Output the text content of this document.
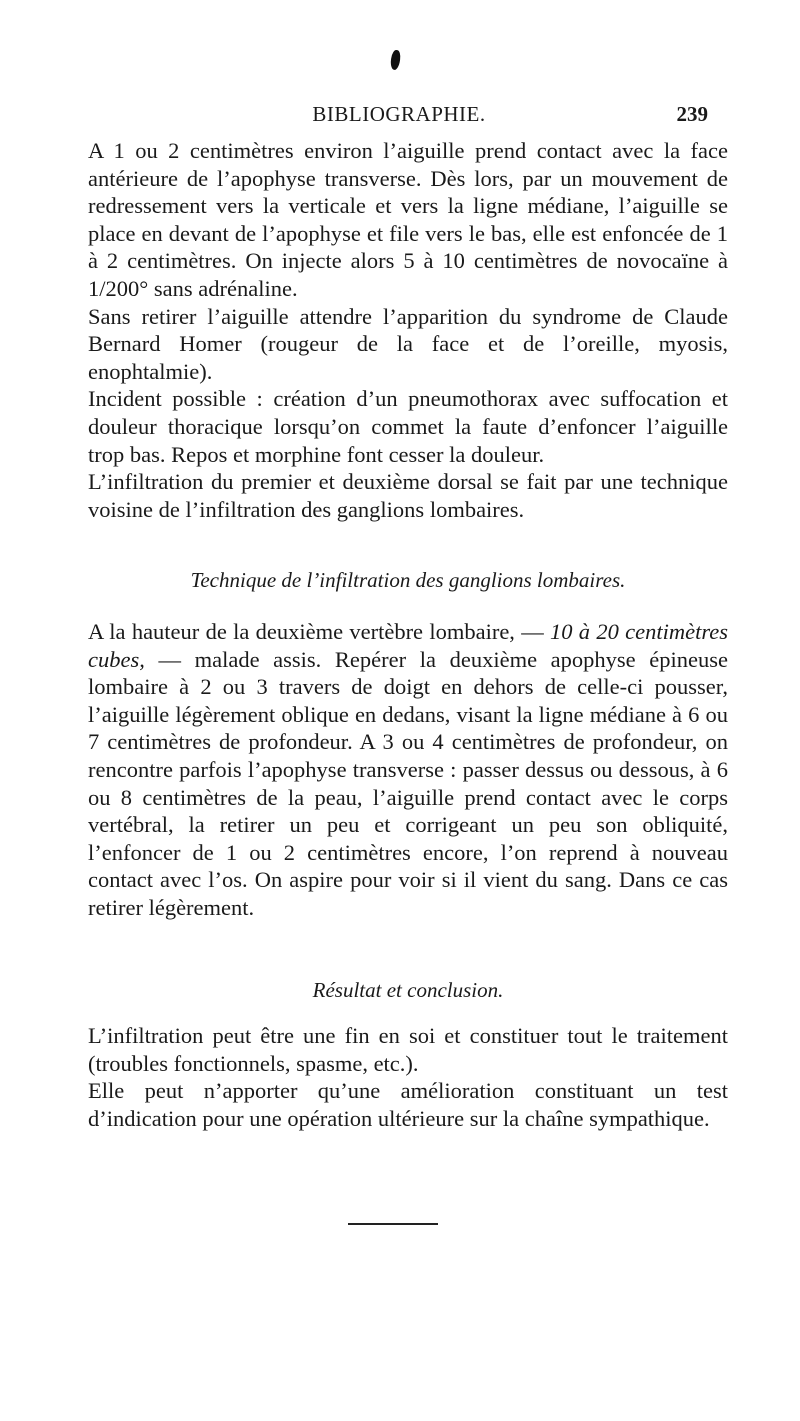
BIBLIOGRAPHIE.	239

A 1 ou 2 centimètres environ l’aiguille prend contact avec la face antérieure de l’apophyse transverse. Dès lors, par un mouvement de redressement vers la verticale et vers la ligne médiane, l’aiguille se place en devant de l’apophyse et file vers le bas, elle est enfoncée de 1 à 2 centimètres. On injecte alors 5 à 10 centimètres de novocaïne à 1/200° sans adrénaline.

Sans retirer l’aiguille attendre l’apparition du syndrome de Claude Bernard Homer (rougeur de la face et de l’oreille, myosis, enophtalmie).

Incident possible : création d’un pneumothorax avec suffocation et douleur thoracique lorsqu’on commet la faute d’enfoncer l’aiguille trop bas. Repos et morphine font cesser la douleur.

L’infiltration du premier et deuxième dorsal se fait par une technique voisine de l’infiltration des ganglions lombaires.

Technique de l’infiltration des ganglions lombaires.

A la hauteur de la deuxième vertèbre lombaire, — 10 à 20 centimètres cubes, — malade assis. Repérer la deuxième apophyse épineuse lombaire à 2 ou 3 travers de doigt en dehors de celle-ci pousser, l’aiguille légèrement oblique en dedans, visant la ligne médiane à 6 ou 7 centimètres de profondeur. A 3 ou 4 centimètres de profondeur, on rencontre parfois l’apophyse transverse : passer dessus ou dessous, à 6 ou 8 centimètres de la peau, l’aiguille prend contact avec le corps vertébral, la retirer un peu et corrigeant un peu son obliquité, l’enfoncer de 1 ou 2 centimètres encore, l’on reprend à nouveau contact avec l’os. On aspire pour voir si il vient du sang. Dans ce cas retirer légèrement.

Résultat et conclusion.

L’infiltration peut être une fin en soi et constituer tout le traitement (troubles fonctionnels, spasme, etc.).

Elle peut n’apporter qu’une amélioration constituant un test d’indication pour une opération ultérieure sur la chaîne sympathique.
